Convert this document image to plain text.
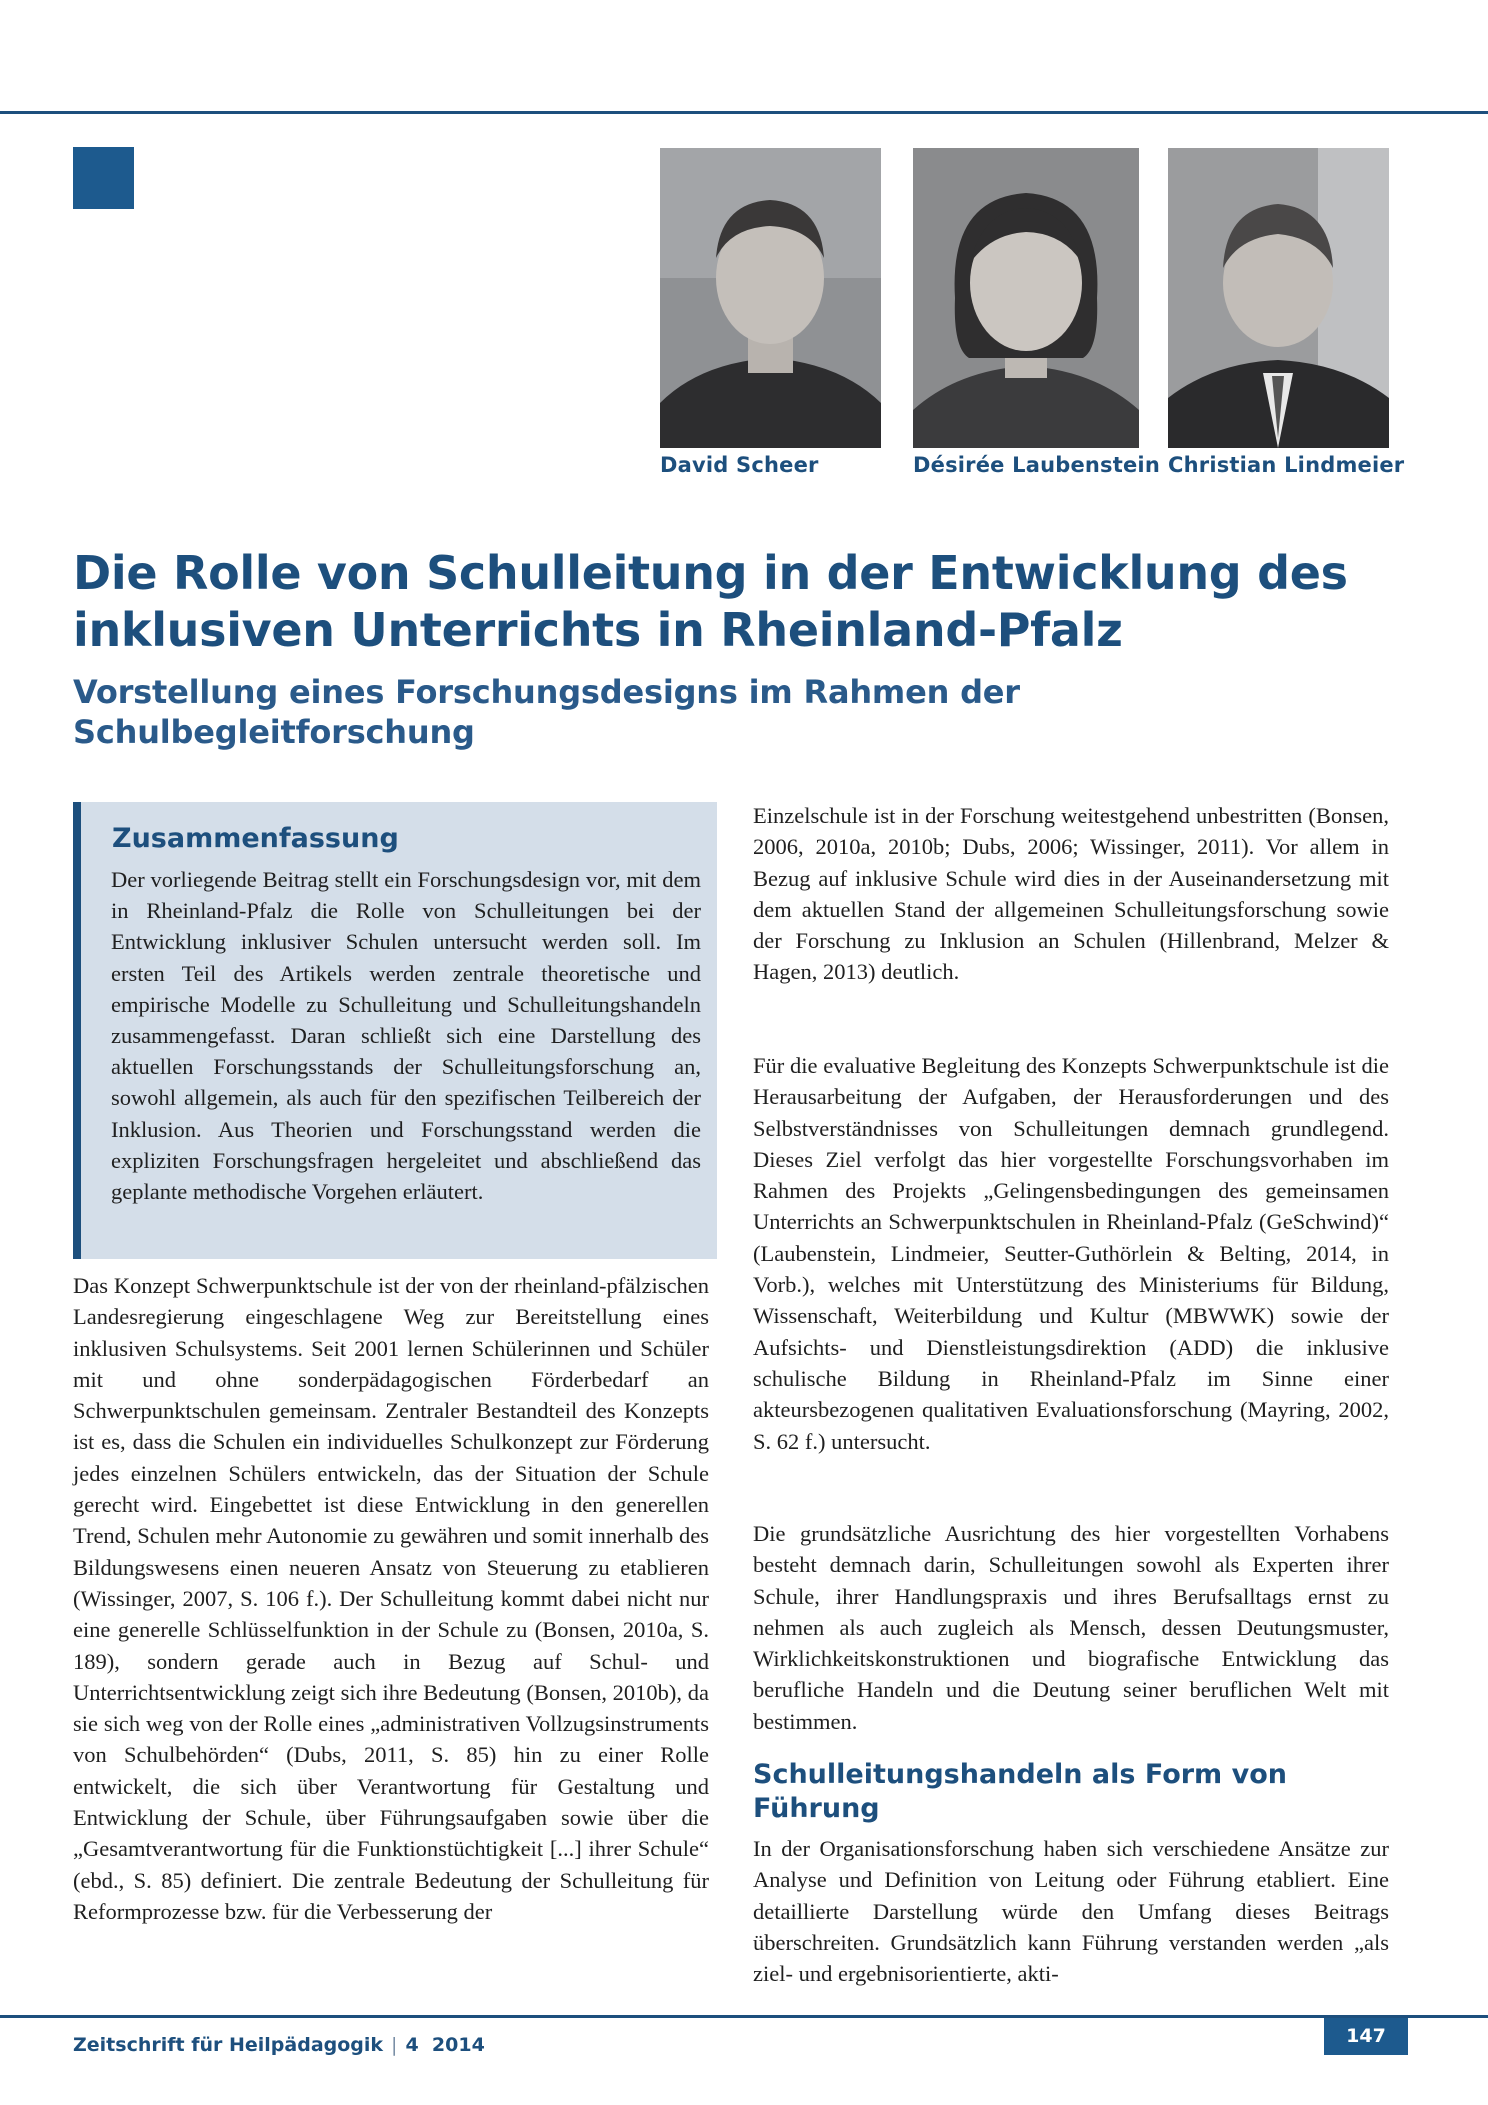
David Scheer	Désirée Laubenstein Christian Lindmeier
Die Rolle von Schulleitung in der Entwicklung des inklusiven Unterrichts in Rheinland-Pfalz
Vorstellung eines Forschungsdesigns im Rahmen der Schulbegleitforschung
Zusammenfassung

Der vorliegende Beitrag stellt ein Forschungsdesign vor, mit dem in Rheinland-Pfalz die Rolle von Schulleitungen bei der Entwicklung inklusiver Schulen untersucht werden soll. Im ersten Teil des Artikels werden zentrale theoretische und empirische Modelle zu Schulleitung und Schulleitungshandeln zusammengefasst. Daran schließt sich eine Darstellung des aktuellen Forschungsstands der Schulleitungsforschung an, sowohl allgemein, als auch für den spezifischen Teilbereich der Inklusion. Aus Theorien und Forschungsstand werden die expliziten Forschungsfragen hergeleitet und abschließend das geplante methodische Vorgehen erläutert.

Das Konzept Schwerpunktschule ist der von der rheinland-pfälzischen Landesregierung eingeschlagene Weg zur Bereitstellung eines inklusiven Schulsystems. Seit 2001 lernen Schülerinnen und Schüler mit und ohne sonderpädagogischen Förderbedarf an Schwerpunktschulen gemeinsam. Zentraler Bestandteil des Konzepts ist es, dass die Schulen ein individuelles Schulkonzept zur Förderung jedes einzelnen Schülers entwickeln, das der Situation der Schule gerecht wird. Eingebettet ist diese Entwicklung in den generellen Trend, Schulen mehr Autonomie zu gewähren und somit innerhalb des Bildungswesens einen neueren Ansatz von Steuerung zu etablieren (Wissinger, 2007, S. 106 f.). Der Schulleitung kommt dabei nicht nur eine generelle Schlüsselfunktion in der Schule zu (Bonsen, 2010a, S. 189), sondern gerade auch in Bezug auf Schul- und Unterrichtsentwicklung zeigt sich ihre Bedeutung (Bonsen, 2010b), da sie sich weg von der Rolle eines „administrativen Vollzugsinstruments von Schulbehörden“ (Dubs, 2011, S. 85) hin zu einer Rolle entwickelt, die sich über Verantwortung für Gestaltung und Entwicklung der Schule, über Führungsaufgaben sowie über die „Gesamtverantwortung für die Funktionstüchtigkeit [...] ihrer Schule“ (ebd., S. 85) definiert. Die zentrale Bedeutung der Schulleitung für Reformprozesse bzw. für die Verbesserung der

Einzelschule ist in der Forschung weitestgehend unbestritten (Bonsen, 2006, 2010a, 2010b; Dubs, 2006; Wissinger, 2011). Vor allem in Bezug auf inklusive Schule wird dies in der Auseinandersetzung mit dem aktuellen Stand der allgemeinen Schulleitungsforschung sowie der Forschung zu Inklusion an Schulen (Hillenbrand, Melzer & Hagen, 2013) deutlich.

Für die evaluative Begleitung des Konzepts Schwerpunktschule ist die Herausarbeitung der Aufgaben, der Herausforderungen und des Selbstverständnisses von Schulleitungen demnach grundlegend. Dieses Ziel verfolgt das hier vorgestellte Forschungsvorhaben im Rahmen des Projekts „Gelingensbedingungen des gemeinsamen Unterrichts an Schwerpunktschulen in Rheinland-Pfalz (GeSchwind)“ (Laubenstein, Lindmeier, Seutter-Guthörlein & Belting, 2014, in Vorb.), welches mit Unterstützung des Ministeriums für Bildung, Wissenschaft, Weiterbildung und Kultur (MBWWK) sowie der Aufsichts- und Dienstleistungsdirektion (ADD) die inklusive schulische Bildung in Rheinland-Pfalz im Sinne einer akteursbezogenen qualitativen Evaluationsforschung (Mayring, 2002, S. 62 f.) untersucht.

Die grundsätzliche Ausrichtung des hier vorgestellten Vorhabens besteht demnach darin, Schulleitungen sowohl als Experten ihrer Schule, ihrer Handlungspraxis und ihres Berufsalltags ernst zu nehmen als auch zugleich als Mensch, dessen Deutungsmuster, Wirklichkeitskonstruktionen und biografische Entwicklung das berufliche Handeln und die Deutung seiner beruflichen Welt mit bestimmen.

Schulleitungshandeln als Form von Führung

In der Organisationsforschung haben sich verschiedene Ansätze zur Analyse und Definition von Leitung oder Führung etabliert. Eine detaillierte Darstellung würde den Umfang dieses Beitrags überschreiten. Grundsätzlich kann Führung verstanden werden „als ziel- und ergebnisorientierte, akti-

Zeitschrift für Heilpädagogik | 4  2014	147
